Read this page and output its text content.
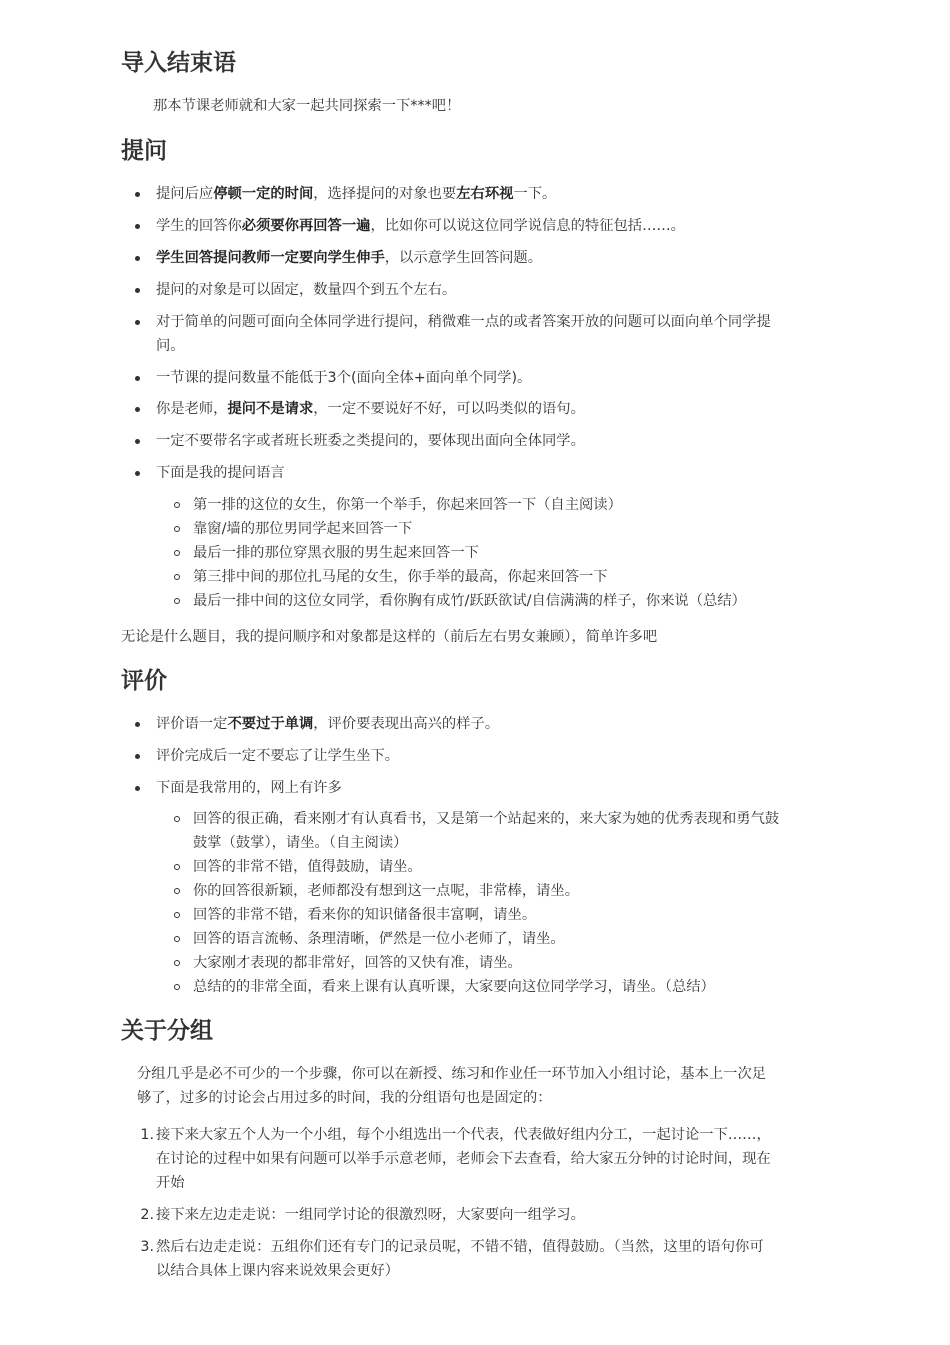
导入结束语

那本节课老师就和大家一起共同探索一下***吧！

提问
提问后应停顿一定的时间，选择提问的对象也要左右环视一下。
学生的回答你必须要你再回答一遍，比如你可以说这位同学说信息的特征包括……。
学生回答提问教师一定要向学生伸手，以示意学生回答问题。
提问的对象是可以固定，数量四个到五个左右。
对于简单的问题可面向全体同学进行提问，稍微难一点的或者答案开放的问题可以面向单个同学提
问。
一节课的提问数量不能低于3个(面向全体+面向单个同学)。
你是老师，提问不是请求，一定不要说好不好，可以吗类似的语句。
一定不要带名字或者班长班委之类提问的，要体现出面向全体同学。
下面是我的提问语言
第一排的这位的女生，你第一个举手，你起来回答一下（自主阅读）
靠窗/墙的那位男同学起来回答一下
最后一排的那位穿黑衣服的男生起来回答一下
第三排中间的那位扎马尾的女生，你手举的最高，你起来回答一下
最后一排中间的这位女同学，看你胸有成竹/跃跃欲试/自信满满的样子，你来说（总结）

无论是什么题目，我的提问顺序和对象都是这样的（前后左右男女兼顾），简单许多吧

评价
评价语一定不要过于单调，评价要表现出高兴的样子。
评价完成后一定不要忘了让学生坐下。
下面是我常用的，网上有许多
回答的很正确，看来刚才有认真看书，又是第一个站起来的，来大家为她的优秀表现和勇气鼓
鼓掌（鼓掌），请坐。（自主阅读）
回答的非常不错，值得鼓励，请坐。
你的回答很新颖，老师都没有想到这一点呢，非常棒，请坐。
回答的非常不错，看来你的知识储备很丰富啊，请坐。
回答的语言流畅、条理清晰，俨然是一位小老师了，请坐。
大家刚才表现的都非常好，回答的又快有准，请坐。
总结的的非常全面，看来上课有认真听课，大家要向这位同学学习，请坐。（总结）
关于分组

分组几乎是必不可少的一个步骤，你可以在新授、练习和作业任一环节加入小组讨论，基本上一次足
够了，过多的讨论会占用过多的时间，我的分组语句也是固定的：

1. 接下来大家五个人为一个小组，每个小组选出一个代表，代表做好组内分工，一起讨论一下……，
在讨论的过程中如果有问题可以举手示意老师，老师会下去查看，给大家五分钟的讨论时间，现在
开始
2. 接下来左边走走说：一组同学讨论的很激烈呀，大家要向一组学习。
3. 然后右边走走说：五组你们还有专门的记录员呢，不错不错，值得鼓励。（当然，这里的语句你可
以结合具体上课内容来说效果会更好）
